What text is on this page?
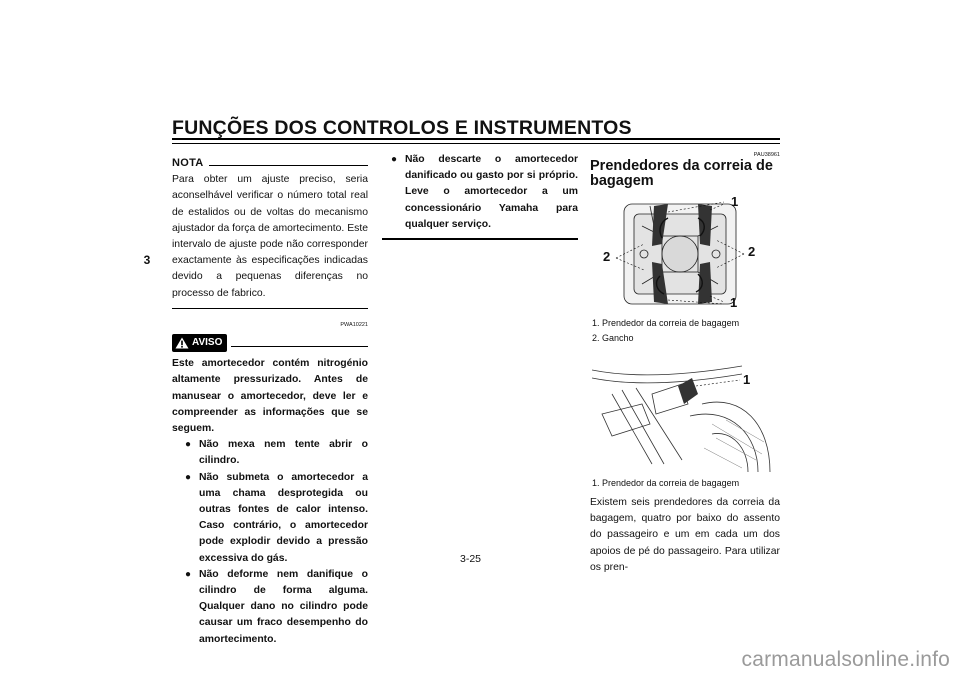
FUNÇÕES DOS CONTROLOS E INSTRUMENTOS
3
NOTA
Para obter um ajuste preciso, seria aconselhável verificar o número total real de estalidos ou de voltas do mecanismo ajustador da força de amortecimento. Este intervalo de ajuste pode não corresponder exactamente às especificações indicadas devido a pequenas diferenças no processo de fabrico.
PWA10221
AVISO
Este amortecedor contém nitrogénio altamente pressurizado. Antes de manusear o amortecedor, deve ler e compreender as informações que se seguem.
● Não mexa nem tente abrir o cilindro.
● Não submeta o amortecedor a uma chama desprotegida ou outras fontes de calor intenso. Caso contrário, o amortecedor pode explodir devido a pressão excessiva do gás.
● Não deforme nem danifique o cilindro de forma alguma. Qualquer dano no cilindro pode causar um fraco desempenho do amortecimento.
● Não descarte o amortecedor danificado ou gasto por si próprio. Leve o amortecedor a um concessionário Yamaha para qualquer serviço.
PAU38961
Prendedores da correia de bagagem
1
2	2
1
1. Prendedor da correia de bagagem
2. Gancho
1
1. Prendedor da correia de bagagem
Existem seis prendedores da correia da bagagem, quatro por baixo do assento do passageiro e um em cada um dos apoios de pé do passageiro. Para utilizar os pren-
3-25
carmanualsonline.info
